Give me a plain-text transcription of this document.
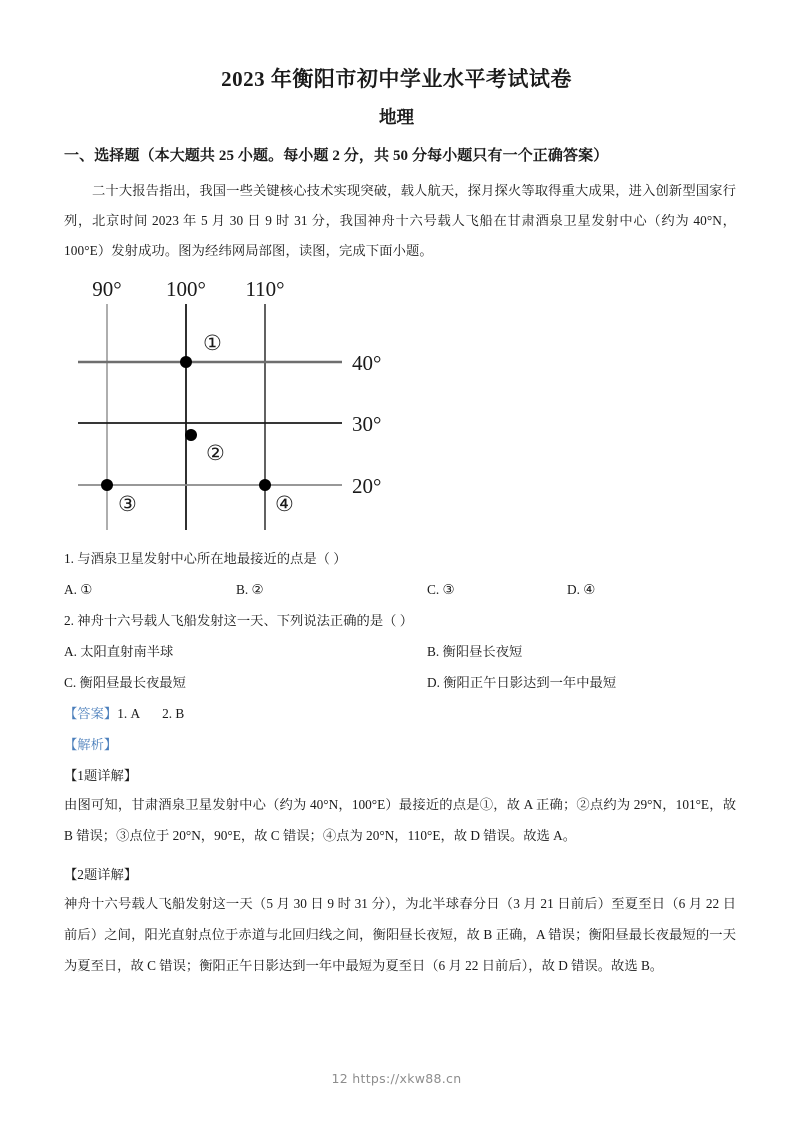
2023 年衡阳市初中学业水平考试试卷
地理
一、选择题（本大题共 25 小题。每小题 2 分，共 50 分每小题只有一个正确答案）
二十大报告指出，我国一些关键核心技术实现突破，载人航天，探月探火等取得重大成果，进入创新型国家行列，北京时间 2023 年 5 月 30 日 9 时 31 分，我国神舟十六号载人飞船在甘肃酒泉卫星发射中心（约为 40°N，100°E）发射成功。图为经纬网局部图，读图，完成下面小题。
90° 100° 110°
40°
30°
20°
①
②
③	④
1. 与酒泉卫星发射中心所在地最接近的点是（ ）
A. ①	B. ②	C. ③	D. ④
2. 神舟十六号载人飞船发射这一天、下列说法正确的是（ ）
A. 太阳直射南半球	B. 衡阳昼长夜短
C. 衡阳昼最长夜最短	D. 衡阳正午日影达到一年中最短
【答案】1. A 2. B
【解析】
【1题详解】
由图可知，甘肃酒泉卫星发射中心（约为 40°N，100°E）最接近的点是①，故 A 正确；②点约为 29°N，101°E，故 B 错误；③点位于 20°N，90°E，故 C 错误；④点为 20°N，110°E，故 D 错误。故选 A。
【2题详解】
神舟十六号载人飞船发射这一天（5 月 30 日 9 时 31 分），为北半球春分日（3 月 21 日前后）至夏至日（6 月 22 日前后）之间，阳光直射点位于赤道与北回归线之间，衡阳昼长夜短，故 B 正确，A 错误；衡阳昼最长夜最短的一天为夏至日，故 C 错误；衡阳正午日影达到一年中最短为夏至日（6 月 22 日前后），故 D 错误。故选 B。
12 https://xkw88.cn
